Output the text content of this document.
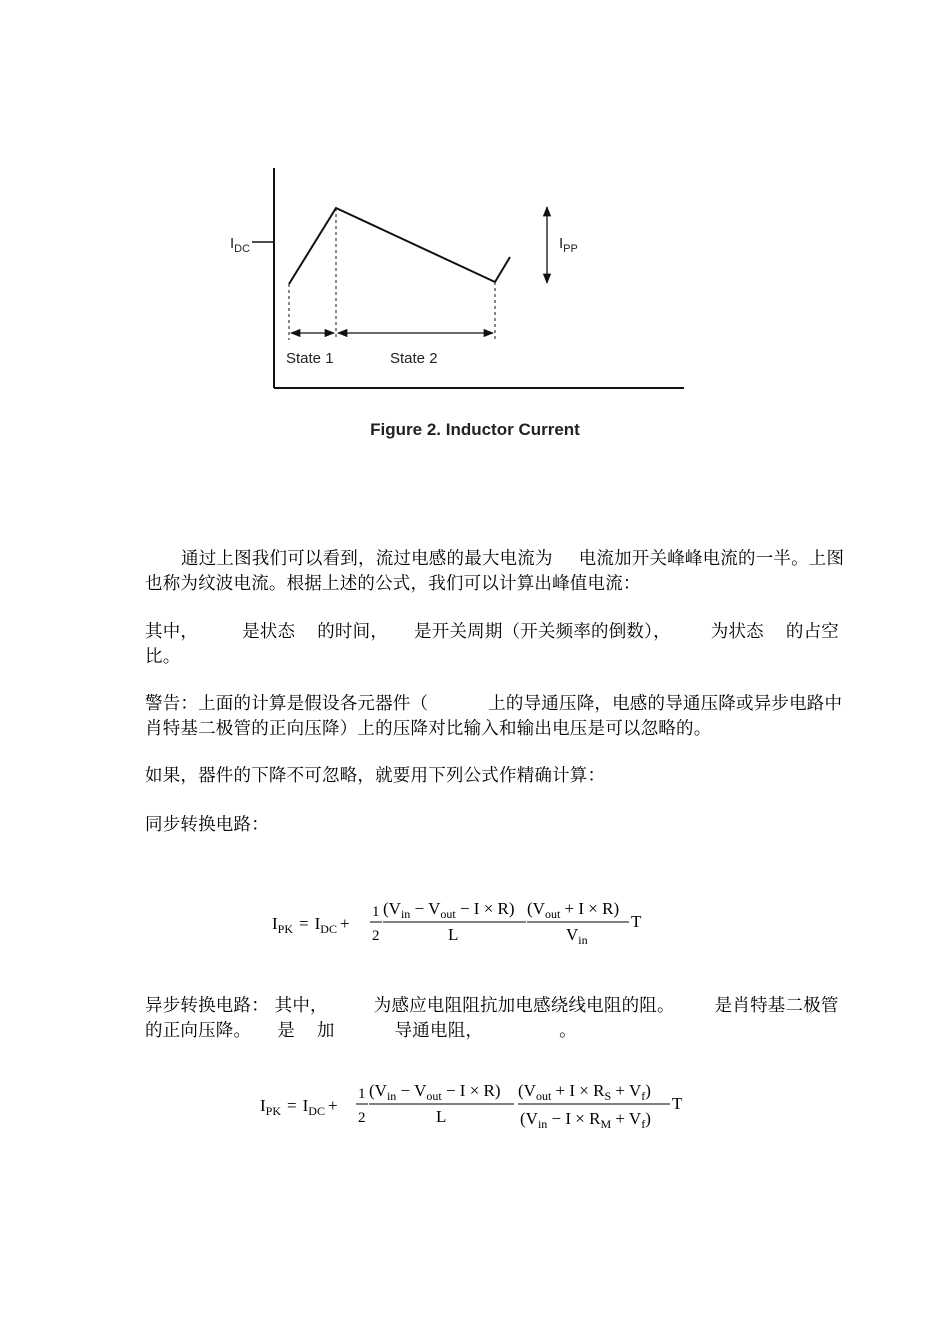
$I_{DC}$
State 1	State 2
$I_{PP}$
Figure 2. Inductor Current
通过上图我们可以看到，流过电感的最大电流为 电流加开关峰峰电流的一半。上图也称为纹波电流。根据上述的公式，我们可以计算出峰值电流：
其中，	是状态 的时间， 是开关周期（开关频率的倒数）， 为状态 的占空比。
警告：上面的计算是假设各元器件（	上的导通压降，电感的导通压降或异步电路中肖特基二极管的正向压降）上的压降对比输入和输出电压是可以忽略的。
如果，器件的下降不可忽略，就要用下列公式作精确计算：
同步转换电路：
$I_{PK} = I_{DC}$ +
1
2
$(V_{in} - V_{out} - I \times R)$
L
$(V_{out} + I \times R)$
$V_{in}$
T
异步转换电路： 其中，	为感应电阻阻抗加电感绕线电阻的阻。 是肖特基二极管的正向压降。 是 加	导通电阻，	。
$I_{PK} = I_{DC}$ +
1
2
$(V_{in} - V_{out} - I \times R)$
L
$(V_{out} + I \times R_S + V_f)$
$(V_{in} - I \times R_M + V_f)$
T
